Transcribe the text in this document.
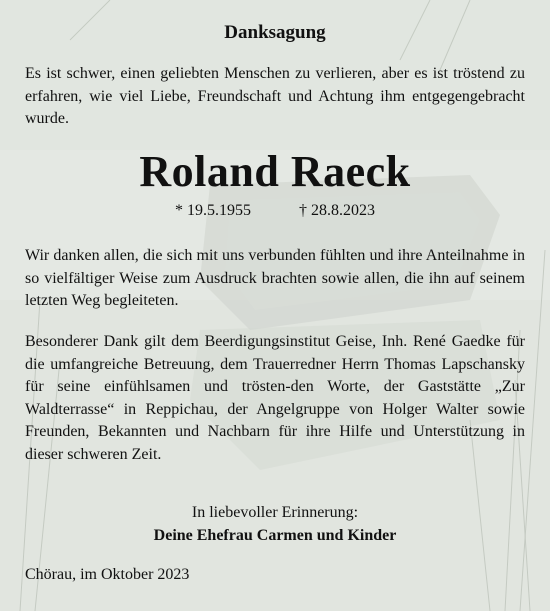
Danksagung
Es ist schwer, einen geliebten Menschen zu verlieren, aber es ist tröstend zu erfahren, wie viel Liebe, Freundschaft und Achtung ihm entgegengebracht wurde.
Roland Raeck
* 19.5.1955	† 28.8.2023
Wir danken allen, die sich mit uns verbunden fühlten und ihre Anteilnahme in so vielfältiger Weise zum Ausdruck brachten sowie allen, die ihn auf seinem letzten Weg begleiteten.
Besonderer Dank gilt dem Beerdigungsinstitut Geise, Inh. René Gaedke für die umfangreiche Betreuung, dem Trauerredner Herrn Thomas Lapschansky für seine einfühlsamen und trösten-den Worte, der Gaststätte „Zur Waldterrasse“ in Reppichau, der Angelgruppe von Holger Walter sowie Freunden, Bekannten und Nachbarn für ihre Hilfe und Unterstützung in dieser schweren Zeit.
In liebevoller Erinnerung:
Deine Ehefrau Carmen und Kinder
Chörau, im Oktober 2023
